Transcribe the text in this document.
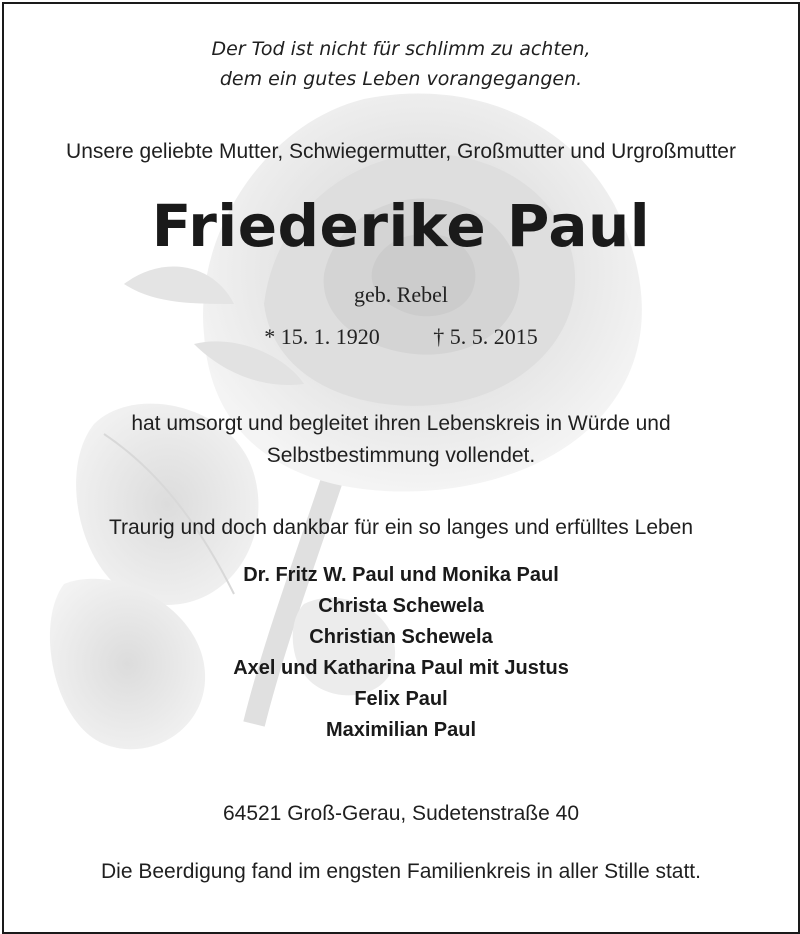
Der Tod ist nicht für schlimm zu achten,
dem ein gutes Leben vorangegangen.
Unsere geliebte Mutter, Schwiegermutter, Großmutter und Urgroßmutter
Friederike Paul
geb. Rebel
* 15. 1. 1920 † 5. 5. 2015
hat umsorgt und begleitet ihren Lebenskreis in Würde und
Selbstbestimmung vollendet.
Traurig und doch dankbar für ein so langes und erfülltes Leben
Dr. Fritz W. Paul und Monika Paul
Christa Schewela
Christian Schewela
Axel und Katharina Paul mit Justus
Felix Paul
Maximilian Paul
64521 Groß-Gerau, Sudetenstraße 40
Die Beerdigung fand im engsten Familienkreis in aller Stille statt.
